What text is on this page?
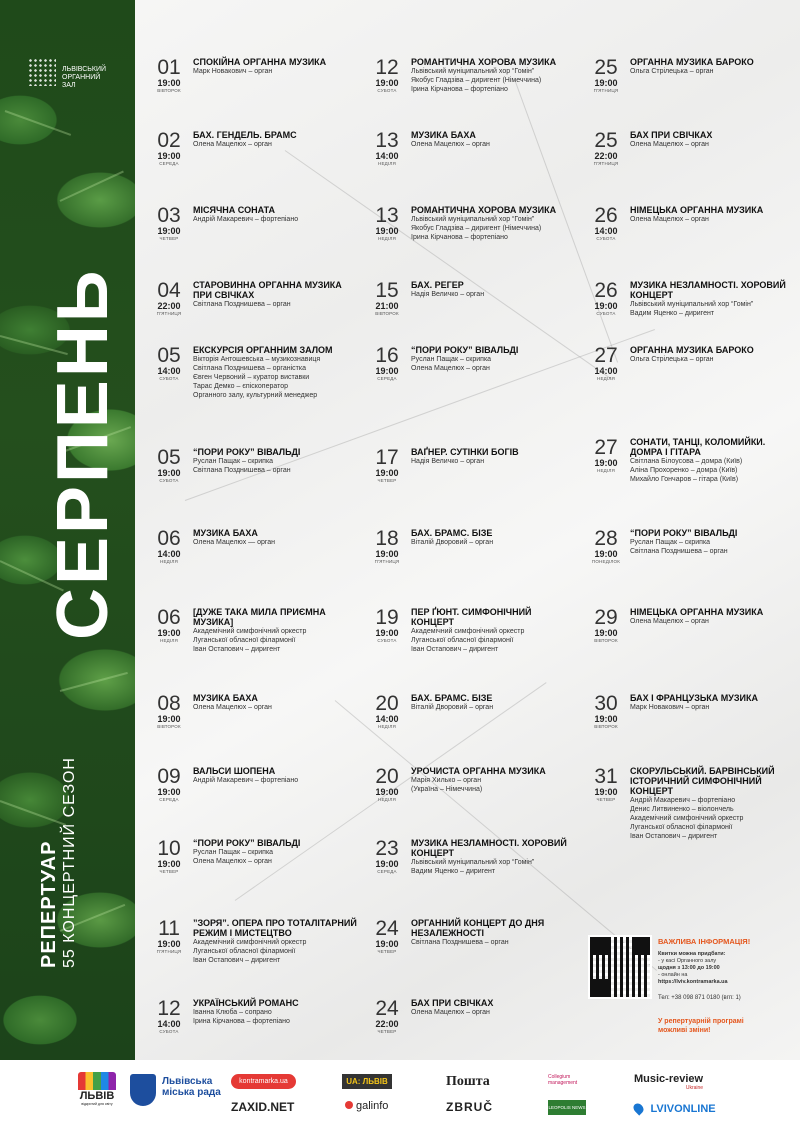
ЛЬВІВСЬКИЙ ОРГАННИЙ ЗАЛ
СЕРПЕНЬ
РЕПЕРТУАР 55 КОНЦЕРТНИЙ СЕЗОН
01
19:00
ВІВТОРОК
СПОКІЙНА ОРГАННА МУЗИКА
Марк Новакович – орган
02
19:00
СЕРЕДА
БАХ. ГЕНДЕЛЬ. БРАМС
Олена Мацелюх – орган
03
19:00
ЧЕТВЕР
МІСЯЧНА СОНАТА
Андрій Макаревич – фортепіано
04
22:00
П'ЯТНИЦЯ
СТАРОВИННА ОРГАННА МУЗИКА ПРИ СВІЧКАХ
Світлана Позднишева – орган
05
14:00
СУБОТА
ЕКСКУРСІЯ ОРГАННИМ ЗАЛОМ
Вікторія Антошевська – музикознавиця
Світлана Позднишева – органістка
Євген Червоний – куратор виставки
Тарас Демко – єпіскоператор
Органного залу, культурний менеджер
05
19:00
СУБОТА
“ПОРИ РОКУ” ВІВАЛЬДІ
Руслан Пащак – скрипка
Світлана Позднишева – орган
06
14:00
НЕДІЛЯ
МУЗИКА БАХА
Олена Мацелюх — орган
06
19:00
НЕДІЛЯ
[ДУЖЕ ТАКА МИЛА ПРИЄМНА МУЗИКА]
Академічний симфонічний оркестр
Луганської обласної філармонії
Іван Остапович – диригент
08
19:00
ВІВТОРОК
МУЗИКА БАХА
Олена Мацелюх – орган
09
19:00
СЕРЕДА
ВАЛЬСИ ШОПЕНА
Андрій Макаревич – фортепіано
10
19:00
ЧЕТВЕР
“ПОРИ РОКУ” ВІВАЛЬДІ
Руслан Пащак – скрипка
Олена Мацелюх – орган
11
19:00
П'ЯТНИЦЯ
”ЗОРЯ”. ОПЕРА ПРО ТОТАЛІТАРНИЙ РЕЖИМ І МИСТЕЦТВО
Академічний симфонічний оркестр
Луганської обласної філармонії
Іван Остапович – диригент
12
14:00
СУБОТА
УКРАЇНСЬКИЙ РОМАНС
Іванна Клюба – сопрано
Ірина Кірчанова – фортепіано
12
19:00
СУБОТА
РОМАНТИЧНА ХОРОВА МУЗИКА
Львівський муніципальний хор “Гомін”
Якобус Гладзіва – диригент (Німеччина)
Ірина Кірчанова – фортепіано
13
14:00
НЕДІЛЯ
МУЗИКА БАХА
Олена Мацелюх – орган
13
19:00
НЕДІЛЯ
РОМАНТИЧНА ХОРОВА МУЗИКА
Львівський муніципальний хор “Гомін”
Якобус Гладзіва – диригент (Німеччина)
Ірина Кірчанова – фортепіано
15
21:00
ВІВТОРОК
БАХ. РЕГЕР
Надія Величко – орган
16
19:00
СЕРЕДА
“ПОРИ РОКУ” ВІВАЛЬДІ
Руслан Пащак – скрипка
Олена Мацелюх – орган
17
19:00
ЧЕТВЕР
ВАҐНЕР. СУТІНКИ БОГІВ
Надія Величко – орган
18
19:00
П'ЯТНИЦЯ
БАХ. БРАМС. БІЗЕ
Віталій Дворовий – орган
19
19:00
СУБОТА
ПЕР ҐЮНТ. СИМФОНІЧНИЙ КОНЦЕРТ
Академічний симфонічний оркестр
Луганської обласної філармонії
Іван Остапович – диригент
20
14:00
НЕДІЛЯ
БАХ. БРАМС. БІЗЕ
Віталій Дворовий – орган
20
19:00
НЕДІЛЯ
УРОЧИСТА ОРГАННА МУЗИКА
Марія Хилько – орган
(Україна – Німеччина)
23
19:00
СЕРЕДА
МУЗИКА НЕЗЛАМНОСТІ. ХОРОВИЙ КОНЦЕРТ
Львівський муніципальний хор “Гомін”
Вадим Яценко – диригент
24
19:00
ЧЕТВЕР
ОРГАННИЙ КОНЦЕРТ ДО ДНЯ НЕЗАЛЕЖНОСТІ
Світлана Позднишева – орган
24
22:00
ЧЕТВЕР
БАХ ПРИ СВІЧКАХ
Олена Мацелюх – орган
25
19:00
П'ЯТНИЦЯ
ОРГАННА МУЗИКА БАРОКО
Ольга Стрілецька – орган
25
22:00
П'ЯТНИЦЯ
БАХ ПРИ СВІЧКАХ
Олена Мацелюх – орган
26
14:00
СУБОТА
НІМЕЦЬКА ОРГАННА МУЗИКА
Олена Мацелюх – орган
26
19:00
СУБОТА
МУЗИКА НЕЗЛАМНОСТІ. ХОРОВИЙ КОНЦЕРТ
Львівський муніципальний хор “Гомін”
Вадим Яценко – диригент
27
14:00
НЕДІЛЯ
ОРГАННА МУЗИКА БАРОКО
Ольга Стрілецька – орган
27
19:00
НЕДІЛЯ
СОНАТИ, ТАНЦІ, КОЛОМИЙКИ. ДОМРА І ГІТАРА
Світлана Білоусова – домра (Київ)
Аліна Прохоренко – домра (Київ)
Михайло Гончаров – гітара (Київ)
28
19:00
ПОНЕДІЛОК
“ПОРИ РОКУ” ВІВАЛЬДІ
Руслан Пащак – скрипка
Світлана Позднишева – орган
29
19:00
ВІВТОРОК
НІМЕЦЬКА ОРГАННА МУЗИКА
Олена Мацелюх – орган
30
19:00
ВІВТОРОК
БАХ І ФРАНЦУЗЬКА МУЗИКА
Марк Новакович – орган
31
19:00
ЧЕТВЕР
СКОРУЛЬСЬКИЙ. БАРВІНСЬКИЙ ІСТОРИЧНИЙ СИМФОНІЧНИЙ КОНЦЕРТ
Андрій Макаревич – фортепіано
Денис Литвиненко – віолончель
Академічний симфонічний оркестр
Луганської обласної філармонії
Іван Остапович – диригент
ВАЖЛИВА ІНФОРМАЦІЯ!
Квитки можна придбати:
- у касі Органного залу
щодня з 13:00 до 19:00
- онлайн на
https://lviv.kontramarka.ua
Тел: +38 098 871 0180 (вгп: 1)
У репертуарній програмі можливі зміни!
ЛЬВІВ
відкритий для світу
Львівська міська рада
kontramarka.ua
ZAXID.NET
UA: ЛЬВІВ
galinfo
Пошта
ZBRUČ
Collegium management
LEOPOLIS NEWS
Music-review
Ukraine
LVIVONLINE
